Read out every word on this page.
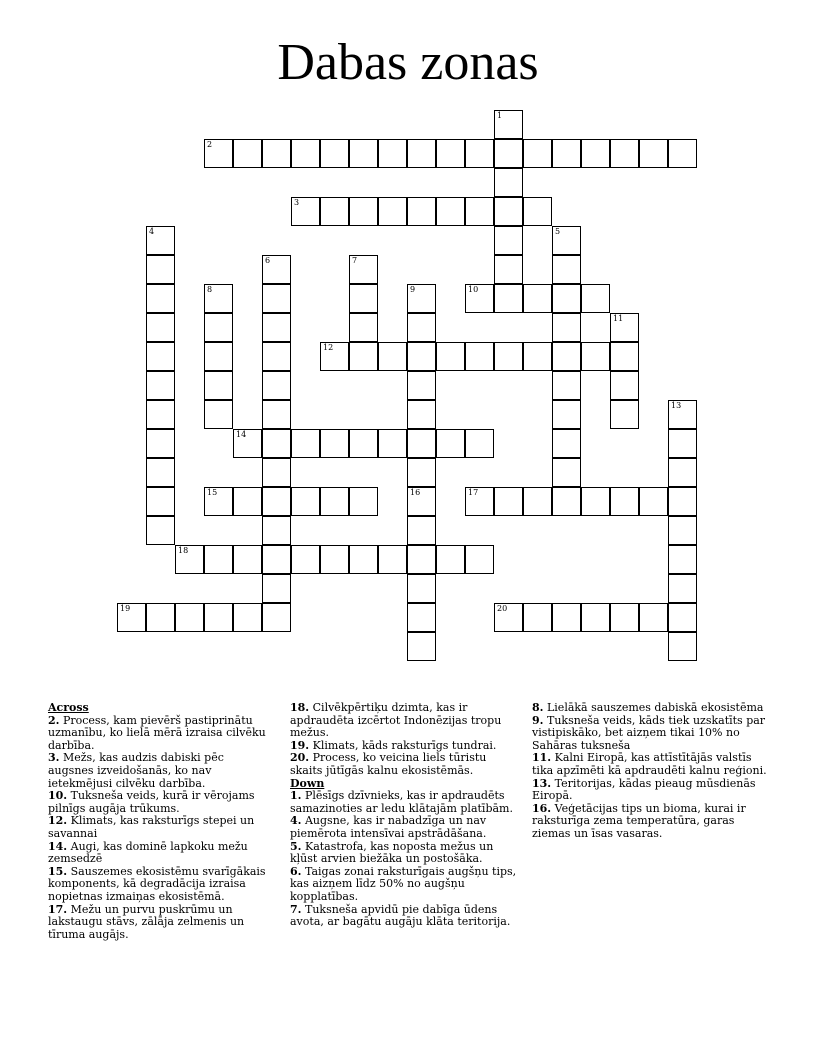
Dabas zonas
1
2
3
4	5
6	7
8	9	10
11
12
13
14
15	16	17
18
19	20
Across
2. Process, kam pievērš pastiprinātu uzmanību, ko lielā mērā izraisa cilvēku darbība.
3. Mežs, kas audzis dabiski pēc augsnes izveidošanās, ko nav ietekmējusi cilvēku darbība.
10. Tuksneša veids, kurā ir vērojams pilnīgs augāja trūkums.
12. Klimats, kas raksturīgs stepei un savannai
14. Augi, kas dominē lapkoku mežu zemsedzē
15. Sauszemes ekosistēmu svarīgākais komponents, kā degradācija izraisa nopietnas izmaiņas ekosistēmā.
17. Mežu un purvu puskrūmu un lakstaugu stāvs, zālāja zelmenis un tīruma augājs.
18. Cilvēkpērtiķu dzimta, kas ir apdraudēta izcērtot Indonēzijas tropu mežus.
19. Klimats, kāds raksturīgs tundrai.
20. Process, ko veicina liels tūristu skaits jūtīgās kalnu ekosistēmās.
Down
1. Plēsīgs dzīvnieks, kas ir apdraudēts samazinoties ar ledu klātajām platībām.
4. Augsne, kas ir nabadzīga un nav piemērota intensīvai apstrādāšana.
5. Katastrofa, kas noposta mežus un kļūst arvien biežāka un postošāka.
6. Taigas zonai raksturīgais augšņu tips, kas aizņem līdz 50% no augšņu kopplatības.
7. Tuksneša apvidū pie dabīga ūdens avota, ar bagātu augāju klāta teritorija.
8. Lielākā sauszemes dabiskā ekosistēma
9. Tuksneša veids, kāds tiek uzskatīts par vistipiskāko, bet aizņem tikai 10% no Sahāras tuksneša
11. Kalni Eiropā, kas attīstītājās valstīs tika apzīmēti kā apdraudēti kalnu reģioni.
13. Teritorijas, kādas pieaug mūsdienās Eiropā.
16. Veģetācijas tips un bioma, kurai ir raksturīga zema temperatūra, garas ziemas un īsas vasaras.
